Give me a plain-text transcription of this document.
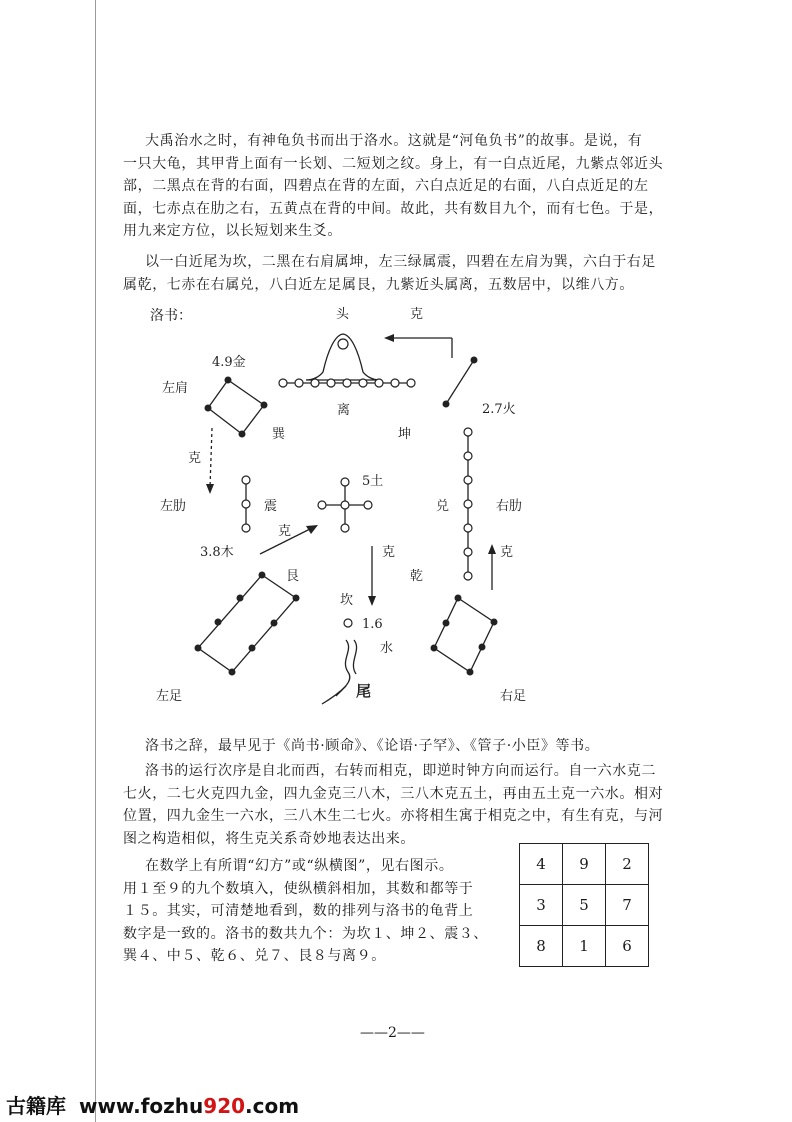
大禹治水之时，有神龟负书而出于洛水。这就是“河龟负书”的故事。是说，有
一只大龟，其甲背上面有一长划、二短划之纹。身上，有一白点近尾，九紫点邻近头
部，二黑点在背的右面，四碧点在背的左面，六白点近足的右面，八白点近足的左
面，七赤点在肋之右，五黄点在背的中间。故此，共有数目九个，而有七色。于是，
用九来定方位，以长短划来生爻。
以一白近尾为坎，二黑在右肩属坤，左三绿属震，四碧在左肩为巽，六白于右足
属乾，七赤在右属兑，八白近左足属艮，九紫近头属离，五数居中，以维八方。
洛书：	头	克
4.9金
左肩
离
巽
2.7火
坤
克
5土
左肋	震	兑	右肋
克
3.8木	克	克
艮	乾
坎
左足	右足
1.6
水
尾
洛书之辞，最早见于《尚书·顾命》、《论语·子罕》、《管子·小臣》等书。
洛书的运行次序是自北而西，右转而相克，即逆时钟方向而运行。自一六水克二
七火，二七火克四九金，四九金克三八木，三八木克五土，再由五土克一六水。相对
位置，四九金生一六水，三八木生二七火。亦将相生寓于相克之中，有生有克，与河
图之构造相似，将生克关系奇妙地表达出来。
在数学上有所谓“幻方”或“纵横图”，见右图示。
用１至９的九个数填入，使纵横斜相加，其数和都等于
１５。其实，可清楚地看到，数的排列与洛书的龟背上
数字是一致的。洛书的数共九个：为坎１、坤２、震３、
巽４、中５、乾６、兑７、艮８与离９。
4	9	2
3	5	7
8	1	6
——2——
古籍库 www.fozhu920.com
